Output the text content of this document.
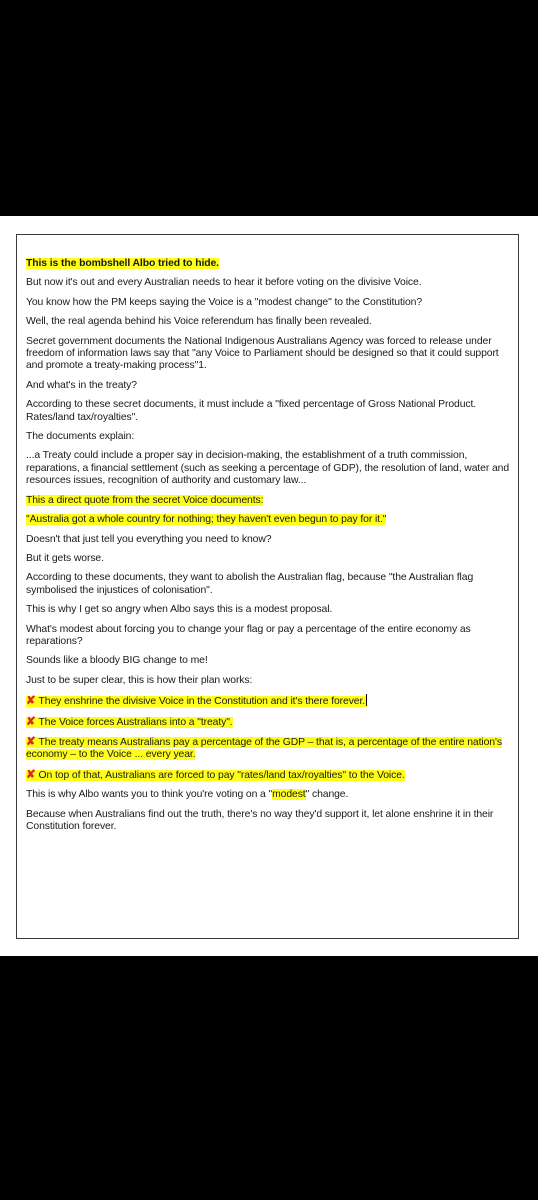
This is the bombshell Albo tried to hide.

But now it's out and every Australian needs to hear it before voting on the divisive Voice.

You know how the PM keeps saying the Voice is a "modest change" to the Constitution?

Well, the real agenda behind his Voice referendum has finally been revealed.

Secret government documents the National Indigenous Australians Agency was forced to release under freedom of information laws say that "any Voice to Parliament should be designed so that it could support and promote a treaty-making process"1.

And what's in the treaty?

According to these secret documents, it must include a "fixed percentage of Gross National Product. Rates/land tax/royalties".

The documents explain:

...a Treaty could include a proper say in decision-making, the establishment of a truth commission, reparations, a financial settlement (such as seeking a percentage of GDP), the resolution of land, water and resources issues, recognition of authority and customary law...

This a direct quote from the secret Voice documents:

"Australia got a whole country for nothing; they haven't even begun to pay for it."

Doesn't that just tell you everything you need to know?

But it gets worse.

According to these documents, they want to abolish the Australian flag, because "the Australian flag symbolised the injustices of colonisation".

This is why I get so angry when Albo says this is a modest proposal.

What's modest about forcing you to change your flag or pay a percentage of the entire economy as reparations?

Sounds like a bloody BIG change to me!

Just to be super clear, this is how their plan works:

✘ They enshrine the divisive Voice in the Constitution and it's there forever.

✘ The Voice forces Australians into a "treaty".

✘ The treaty means Australians pay a percentage of the GDP – that is, a percentage of the entire nation's economy – to the Voice ... every year.

✘ On top of that, Australians are forced to pay "rates/land tax/royalties" to the Voice.

This is why Albo wants you to think you're voting on a "modest" change.

Because when Australians find out the truth, there's no way they'd support it, let alone enshrine it in their Constitution forever.
